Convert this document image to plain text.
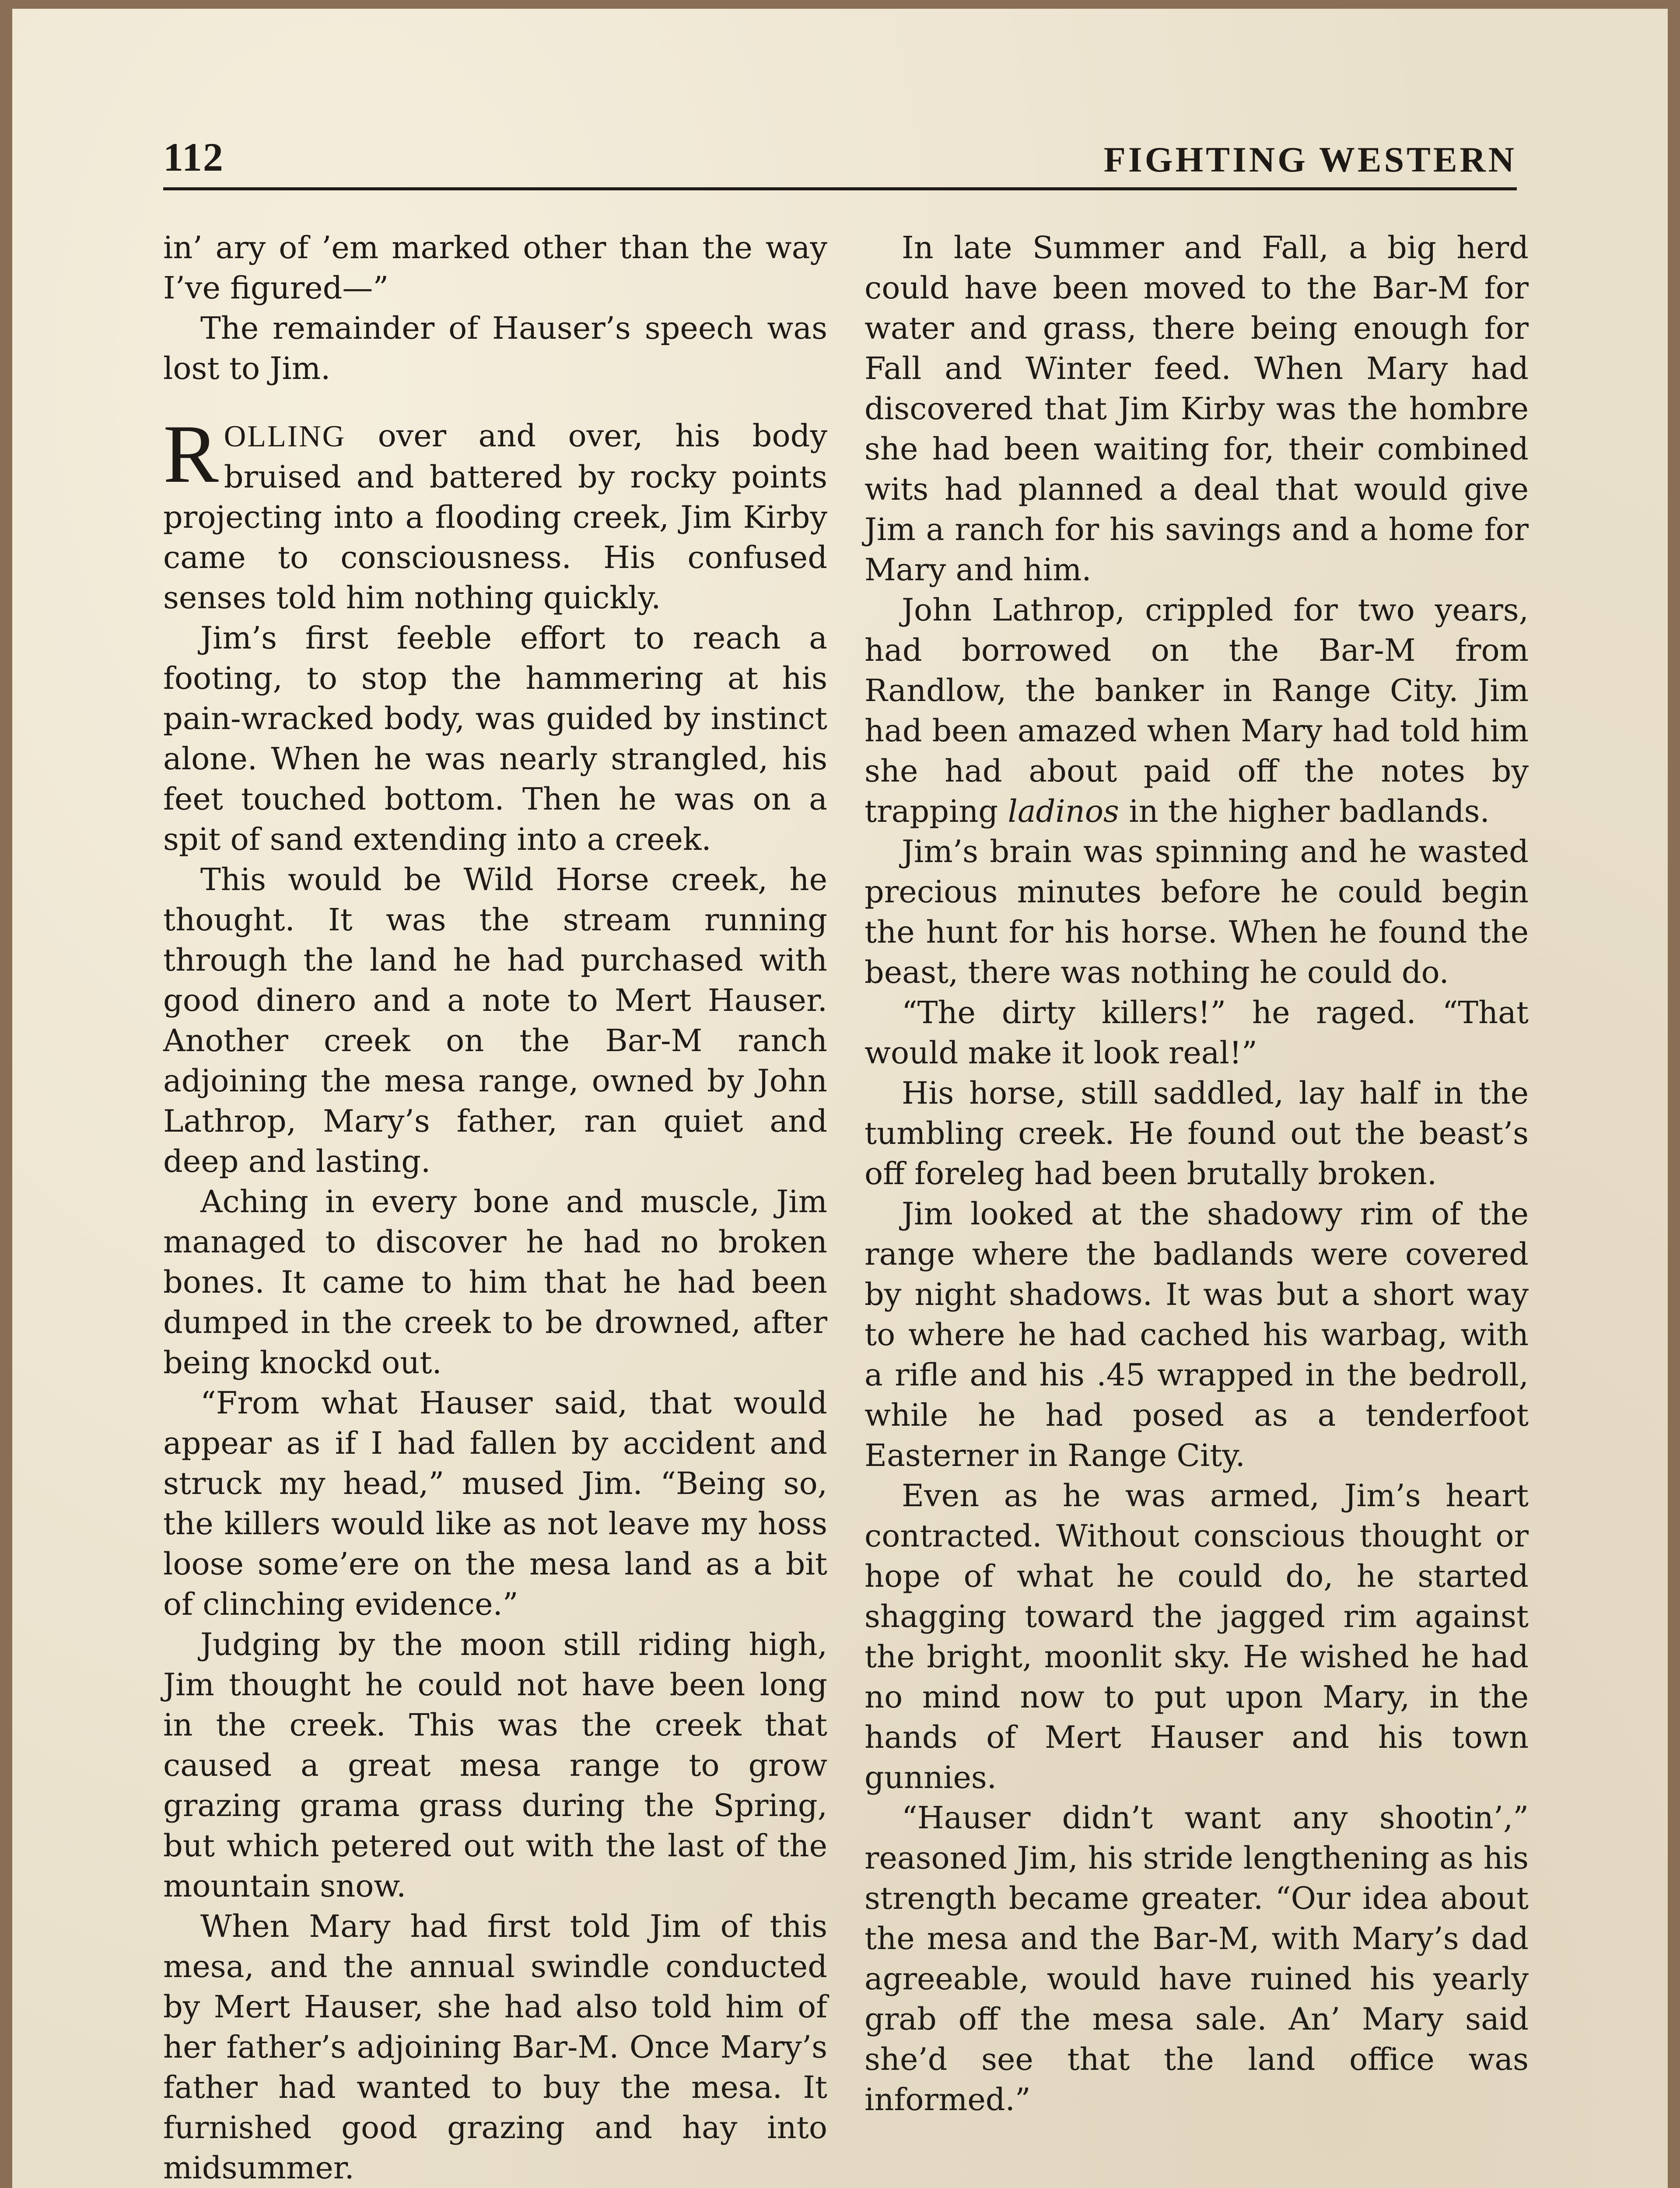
112	FIGHTING WESTERN

in’ ary of ’em marked other than the way I’ve figured—”

The remainder of Hauser’s speech was lost to Jim.

ROLLING over and over, his body bruised and battered by rocky points projecting into a flooding creek, Jim Kirby came to consciousness. His confused senses told him nothing quickly.

Jim’s first feeble effort to reach a footing, to stop the hammering at his pain-wracked body, was guided by instinct alone. When he was nearly strangled, his feet touched bottom. Then he was on a spit of sand extending into a creek.

This would be Wild Horse creek, he thought. It was the stream running through the land he had purchased with good dinero and a note to Mert Hauser. Another creek on the Bar-M ranch adjoining the mesa range, owned by John Lathrop, Mary’s father, ran quiet and deep and lasting.

Aching in every bone and muscle, Jim managed to discover he had no broken bones. It came to him that he had been dumped in the creek to be drowned, after being knockd out.

“From what Hauser said, that would appear as if I had fallen by accident and struck my head,” mused Jim. “Being so, the killers would like as not leave my hoss loose some’ere on the mesa land as a bit of clinching evidence.”

Judging by the moon still riding high, Jim thought he could not have been long in the creek. This was the creek that caused a great mesa range to grow grazing grama grass during the Spring, but which petered out with the last of the mountain snow.

When Mary had first told Jim of this mesa, and the annual swindle conducted by Mert Hauser, she had also told him of her father’s adjoining Bar-M. Once Mary’s father had wanted to buy the mesa. It furnished good grazing and hay into midsummer.

In late Summer and Fall, a big herd could have been moved to the Bar-M for water and grass, there being enough for Fall and Winter feed. When Mary had discovered that Jim Kirby was the hombre she had been waiting for, their combined wits had planned a deal that would give Jim a ranch for his savings and a home for Mary and him.

John Lathrop, crippled for two years, had borrowed on the Bar-M from Randlow, the banker in Range City. Jim had been amazed when Mary had told him she had about paid off the notes by trapping ladinos in the higher badlands.

Jim’s brain was spinning and he wasted precious minutes before he could begin the hunt for his horse. When he found the beast, there was nothing he could do.

“The dirty killers!” he raged. “That would make it look real!”

His horse, still saddled, lay half in the tumbling creek. He found out the beast’s off foreleg had been brutally broken.

Jim looked at the shadowy rim of the range where the badlands were covered by night shadows. It was but a short way to where he had cached his warbag, with a rifle and his .45 wrapped in the bedroll, while he had posed as a tenderfoot Easterner in Range City.

Even as he was armed, Jim’s heart contracted. Without conscious thought or hope of what he could do, he started shagging toward the jagged rim against the bright, moonlit sky. He wished he had no mind now to put upon Mary, in the hands of Mert Hauser and his town gunnies.

“Hauser didn’t want any shootin’,” reasoned Jim, his stride lengthening as his strength became greater. “Our idea about the mesa and the Bar-M, with Mary’s dad agreeable, would have ruined his yearly grab off the mesa sale. An’ Mary said she’d see that the land office was informed.”
